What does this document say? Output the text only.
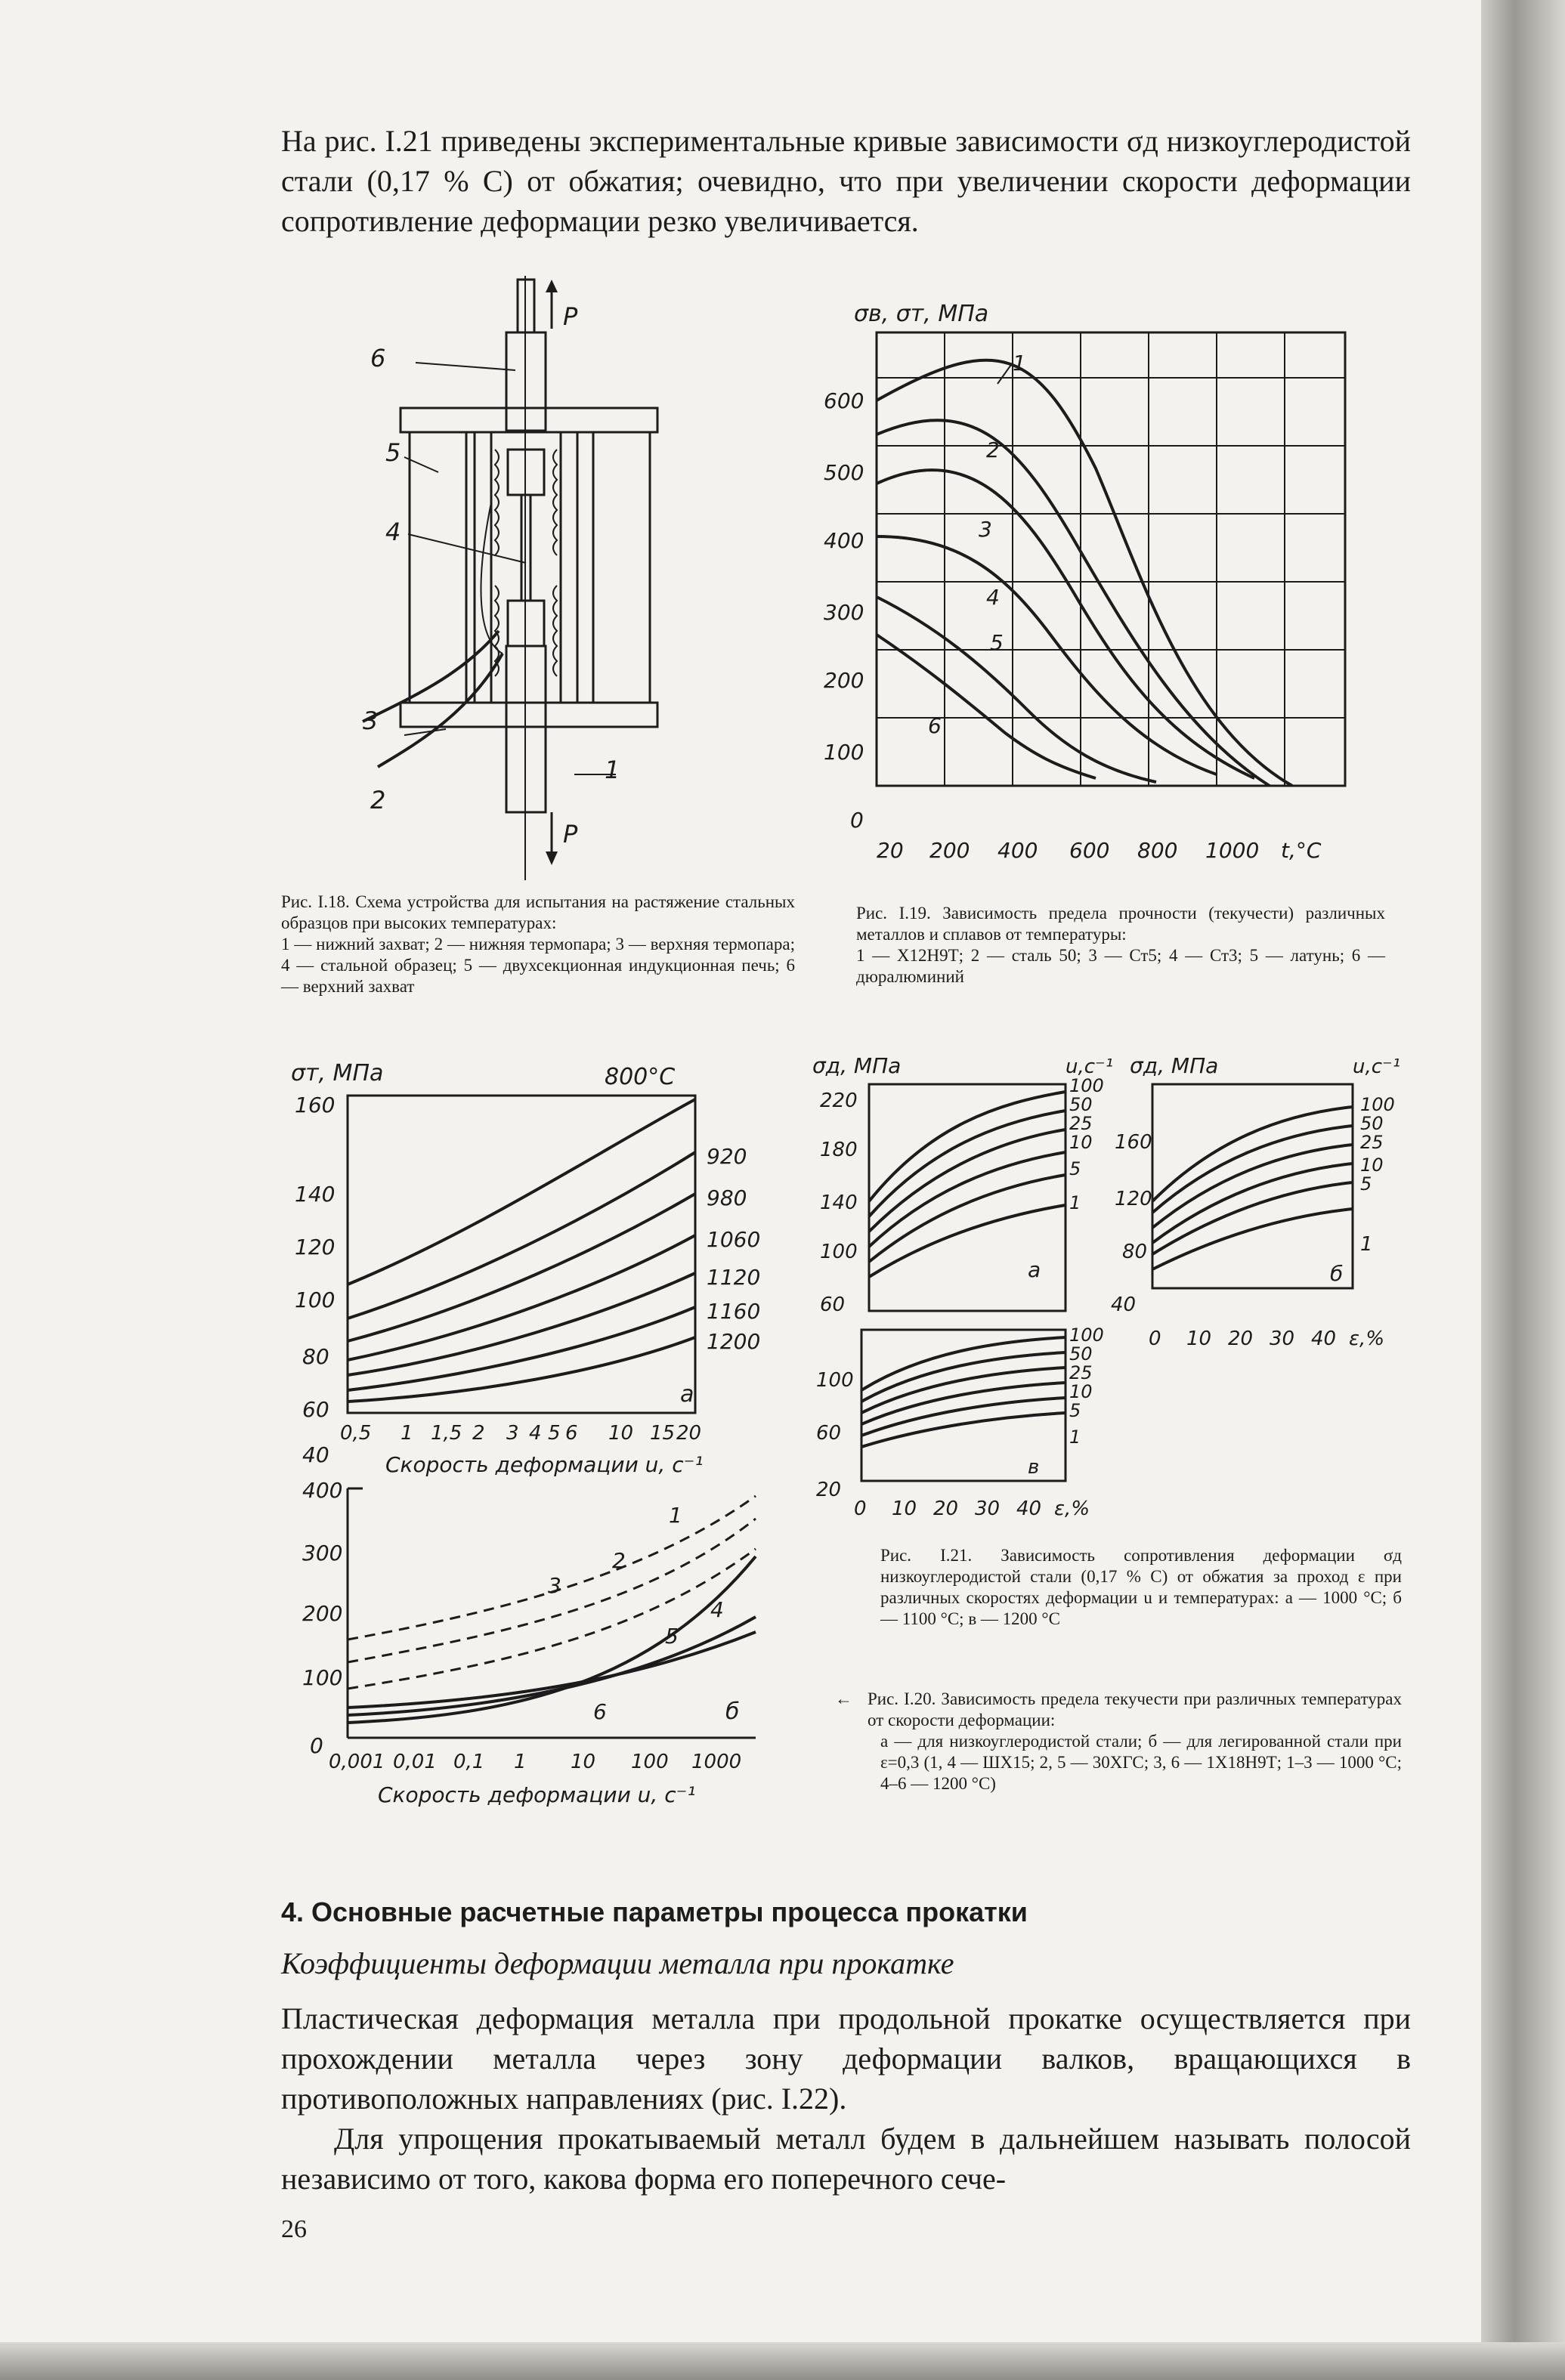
На рис. I.21 приведены экспериментальные кривые зависимости σд низкоуглеродистой стали (0,17 % С) от обжатия; очевидно, что при увеличении скорости деформации сопротивление деформации резко увеличивается.
6
5
4
3
2
1
P
P
Рис. I.18. Схема устройства для испытания на растяжение стальных образцов при высоких температурах:
1 — нижний захват; 2 — нижняя термопара; 3 — верхняя термопара; 4 — стальной образец; 5 — двухсекционная индукционная печь; 6 — верхний захват
σв, σт, МПа
600
500
400
300
200
100
0
20 200 400 600 800 1000 t,°C
1
2
3
4
5
6
Рис. I.19. Зависимость предела прочности (текучести) различных металлов и сплавов от температуры:
1 — Х12Н9Т; 2 — сталь 50; 3 — Ст5; 4 — Ст3; 5 — латунь; 6 — дюралюминий
σт, МПа	800°C
160
140
120
100
80
60
40
920
980
1060
1120
1160
1200
a
0,5 1 1,5 2 3 4 5 6 10 15 20
Скорость деформации u, с⁻¹
400
300
200
100
0
1
2
3
4
5
6	б
0,001 0,01 0,1 1 10 100 1000
Скорость деформации u, с⁻¹
σд, МПа	u,с⁻¹
220
180
140
100
60
100
50
25
10
5
1
а
σд, МПа	u,с⁻¹
160
120
80
40
100
50
25
10
5
1
б
0 10 20 30 40 ε,%
100
60
20
100
50
25
10
5
1
в
0 10 20 30 40 ε,%
Рис. I.21. Зависимость сопротивления деформации σд низкоуглеродистой стали (0,17 % С) от обжатия за проход ε при различных скоростях деформации u и температурах: а — 1000 °С; б — 1100 °С; в — 1200 °С
← Рис. I.20. Зависимость предела текучести при различных температурах от скорости деформации:
а — для низкоуглеродистой стали; б — для легированной стали при ε=0,3 (1, 4 — ШХ15; 2, 5 — 30ХГС; 3, 6 — 1Х18Н9Т; 1–3 — 1000 °С; 4–6 — 1200 °С)
4. Основные расчетные параметры процесса прокатки
Коэффициенты деформации металла при прокатке
Пластическая деформация металла при продольной прокатке осуществляется при прохождении металла через зону деформации валков, вращающихся в противоположных направлениях (рис. I.22).
Для упрощения прокатываемый металл будем в дальнейшем называть полосой независимо от того, какова форма его поперечного сече-
26
